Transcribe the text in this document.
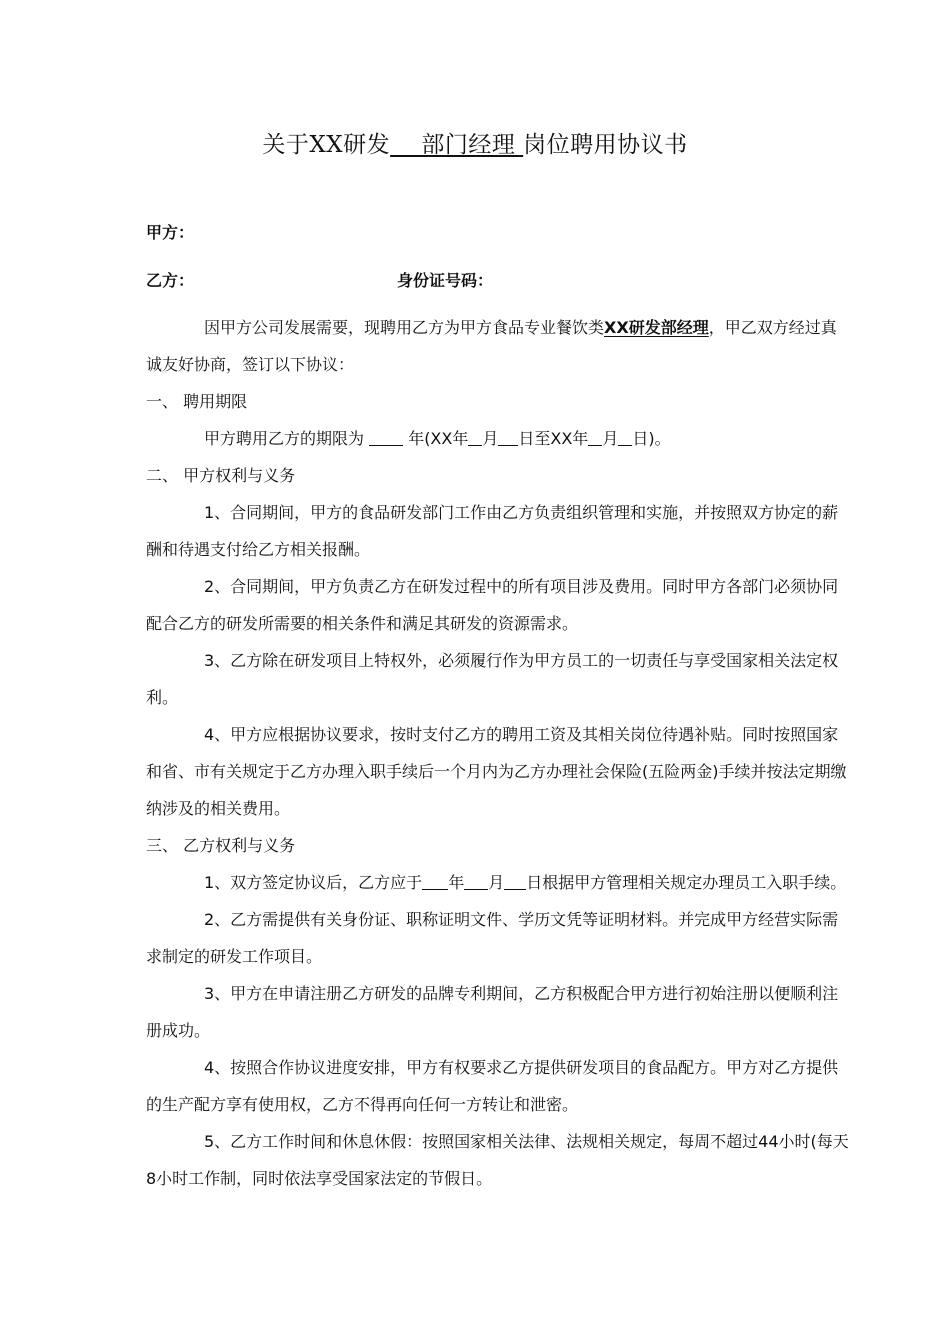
关于XX研发    部门经理 岗位聘用协议书
甲方：
乙方：	身份证号码：

因甲方公司发展需要，现聘用乙方为甲方食品专业餐饮类XX研发部经理，甲乙双方经过真诚友好协商，签订以下协议：

一、 聘用期限

甲方聘用乙方的期限为  年(XX年 月 日至XX年 月 日)。

二、 甲方权利与义务

1、合同期间，甲方的食品研发部门工作由乙方负责组织管理和实施，并按照双方协定的薪酬和待遇支付给乙方相关报酬。

2、合同期间，甲方负责乙方在研发过程中的所有项目涉及费用。同时甲方各部门必须协同配合乙方的研发所需要的相关条件和满足其研发的资源需求。

3、乙方除在研发项目上特权外，必须履行作为甲方员工的一切责任与享受国家相关法定权利。

4、甲方应根据协议要求，按时支付乙方的聘用工资及其相关岗位待遇补贴。同时按照国家和省、市有关规定于乙方办理入职手续后一个月内为乙方办理社会保险(五险两金)手续并按法定期缴纳涉及的相关费用。

三、 乙方权利与义务

1、双方签定协议后，乙方应于 年 月 日根据甲方管理相关规定办理员工入职手续。

2、乙方需提供有关身份证、职称证明文件、学历文凭等证明材料。并完成甲方经营实际需求制定的研发工作项目。

3、甲方在申请注册乙方研发的品牌专利期间，乙方积极配合甲方进行初始注册以便顺利注册成功。

4、按照合作协议进度安排，甲方有权要求乙方提供研发项目的食品配方。甲方对乙方提供的生产配方享有使用权，乙方不得再向任何一方转让和泄密。

5、乙方工作时间和休息休假：按照国家相关法律、法规相关规定，每周不超过44小时(每天8小时工作制，同时依法享受国家法定的节假日。
